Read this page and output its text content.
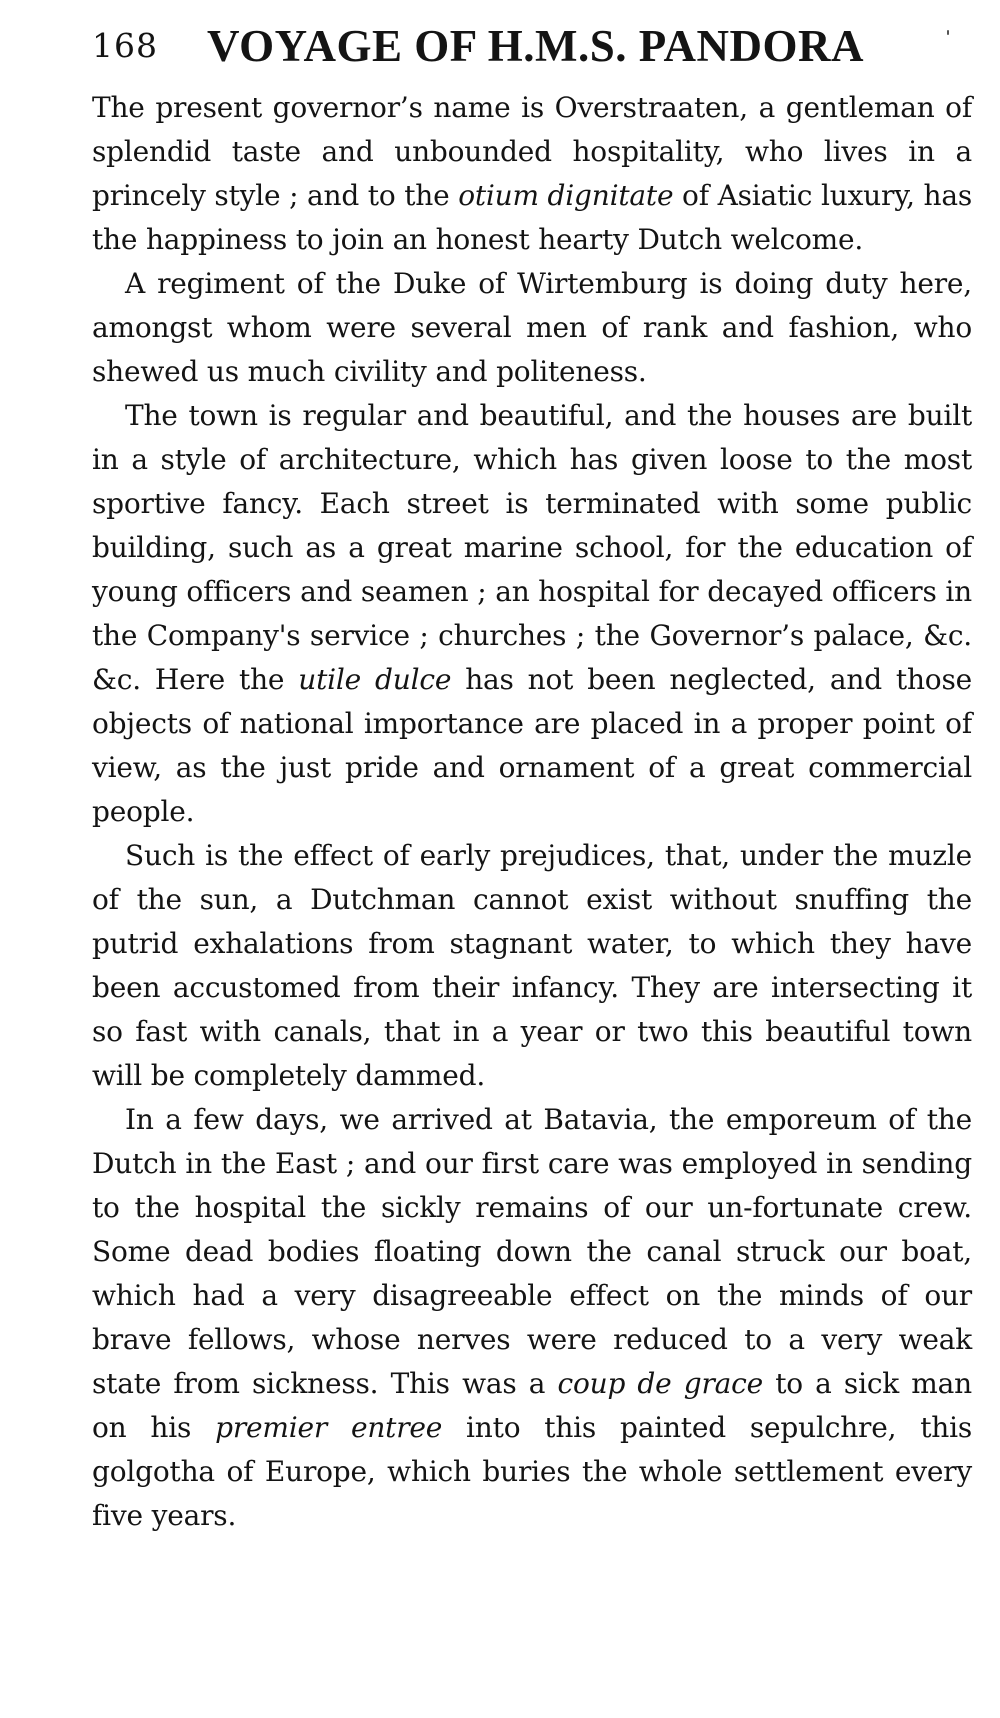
168 VOYAGE OF H.M.S. PANDORA

The present governor’s name is Overstraaten, a gentleman of splendid taste and unbounded hospitality, who lives in a princely style ; and to the otium dignitate of Asiatic luxury, has the happiness to join an honest hearty Dutch welcome.

A regiment of the Duke of Wirtemburg is doing duty here, amongst whom were several men of rank and fashion, who shewed us much civility and politeness.

The town is regular and beautiful, and the houses are built in a style of architecture, which has given loose to the most sportive fancy. Each street is terminated with some public building, such as a great marine school, for the education of young officers and seamen ; an hospital for decayed officers in the Company's service ; churches ; the Governor’s palace, &c. &c. Here the utile dulce has not been neglected, and those objects of national importance are placed in a proper point of view, as the just pride and ornament of a great commercial people.

Such is the effect of early prejudices, that, under the muzle of the sun, a Dutchman cannot exist without snuffing the putrid exhalations from stagnant water, to which they have been accustomed from their infancy. They are intersecting it so fast with canals, that in a year or two this beautiful town will be completely dammed.

In a few days, we arrived at Batavia, the emporeum of the Dutch in the East ; and our first care was employed in sending to the hospital the sickly remains of our un-fortunate crew. Some dead bodies floating down the canal struck our boat, which had a very disagreeable effect on the minds of our brave fellows, whose nerves were reduced to a very weak state from sickness. This was a coup de grace to a sick man on his premier entree into this painted sepulchre, this golgotha of Europe, which buries the whole settlement every five years.
